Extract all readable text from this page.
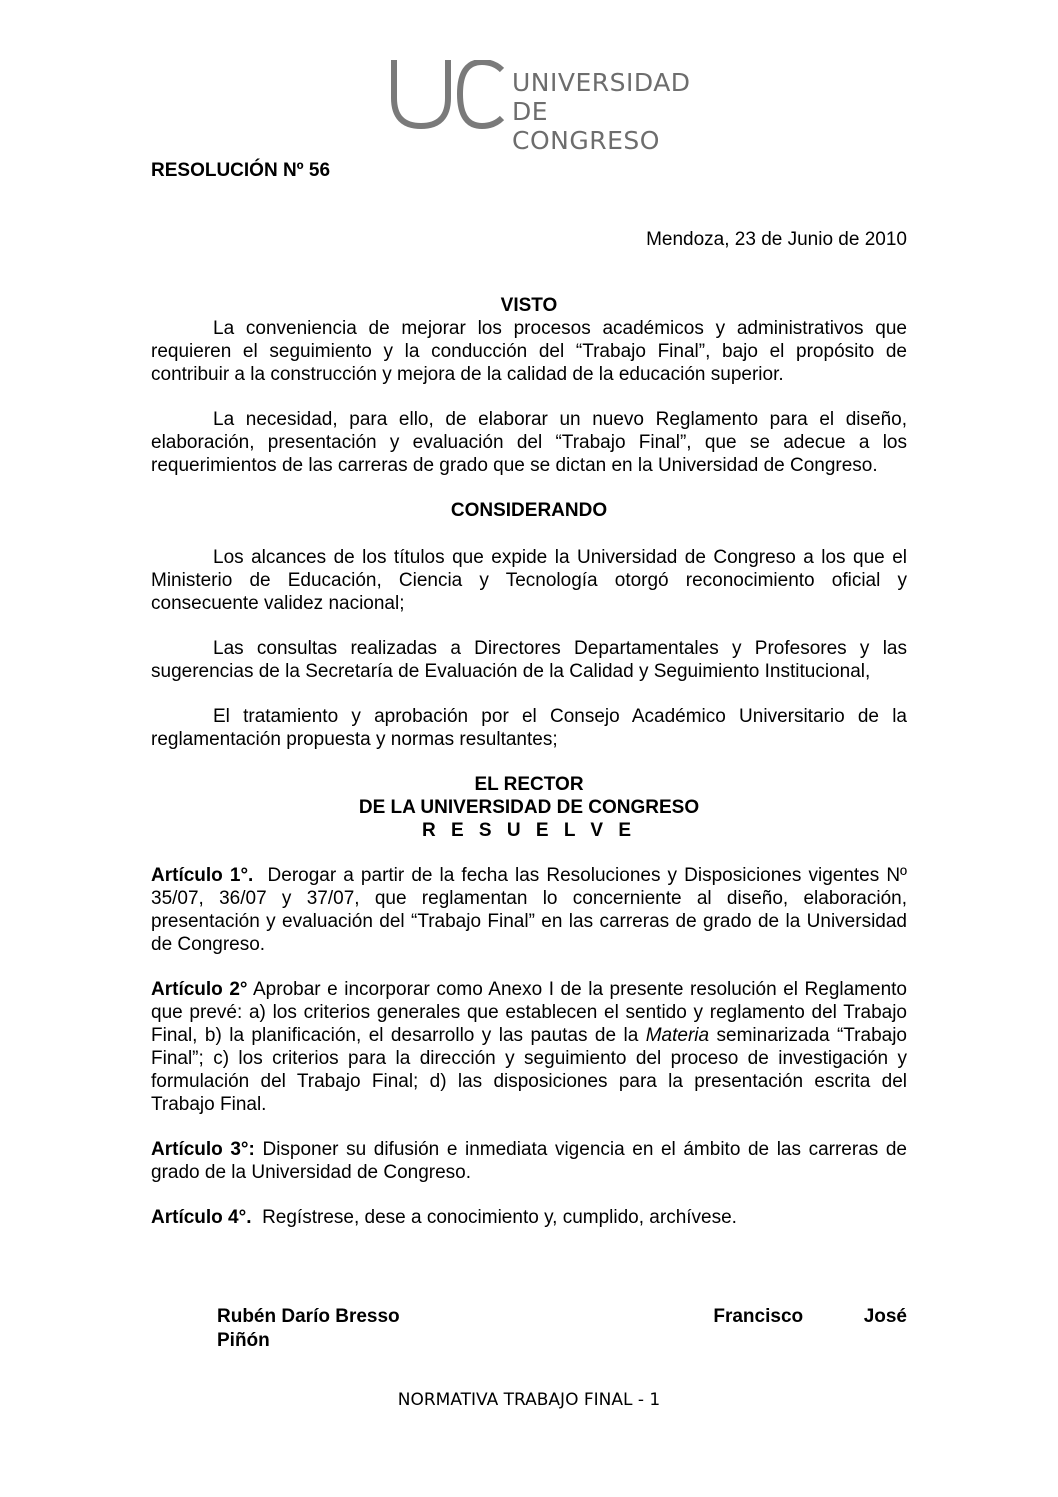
UNIVERSIDAD
DE CONGRESO
RESOLUCIÓN Nº 56
Mendoza, 23 de Junio de 2010
VISTO

La conveniencia de mejorar los procesos académicos y administrativos que requieren el seguimiento y la conducción del “Trabajo Final”, bajo el propósito de contribuir a la construcción y mejora de la calidad de la educación superior.

La necesidad, para ello, de elaborar un nuevo Reglamento para el diseño, elaboración, presentación y evaluación del “Trabajo Final”, que se adecue a los requerimientos de las carreras de grado que se dictan en la Universidad de Congreso.

CONSIDERANDO

Los alcances de los títulos que expide la Universidad de Congreso a los que el Ministerio de Educación, Ciencia y Tecnología otorgó reconocimiento oficial y consecuente validez nacional;

Las consultas realizadas a Directores Departamentales y Profesores y las sugerencias de la Secretaría de Evaluación de la Calidad y Seguimiento Institucional,

El tratamiento y aprobación por el Consejo Académico Universitario de la reglamentación propuesta y normas resultantes;

EL RECTOR
DE LA UNIVERSIDAD DE CONGRESO
R E S U E L V E

Artículo 1°. Derogar a partir de la fecha las Resoluciones y Disposiciones vigentes Nº 35/07, 36/07 y 37/07, que reglamentan lo concerniente al diseño, elaboración, presentación y evaluación del “Trabajo Final” en las carreras de grado de la Universidad de Congreso.

Artículo 2° Aprobar e incorporar como Anexo I de la presente resolución el Reglamento que prevé: a) los criterios generales que establecen el sentido y reglamento del Trabajo Final, b) la planificación, el desarrollo y las pautas de la Materia seminarizada “Trabajo Final”; c) los criterios para la dirección y seguimiento del proceso de investigación y formulación del Trabajo Final; d) las disposiciones para la presentación escrita del Trabajo Final.

Artículo 3°: Disponer su difusión e inmediata vigencia en el ámbito de las carreras de grado de la Universidad de Congreso.

Artículo 4°. Regístrese, dese a conocimiento y, cumplido, archívese.

Rubén Darío Bresso	Francisco	José
Piñón
NORMATIVA TRABAJO FINAL - 1
